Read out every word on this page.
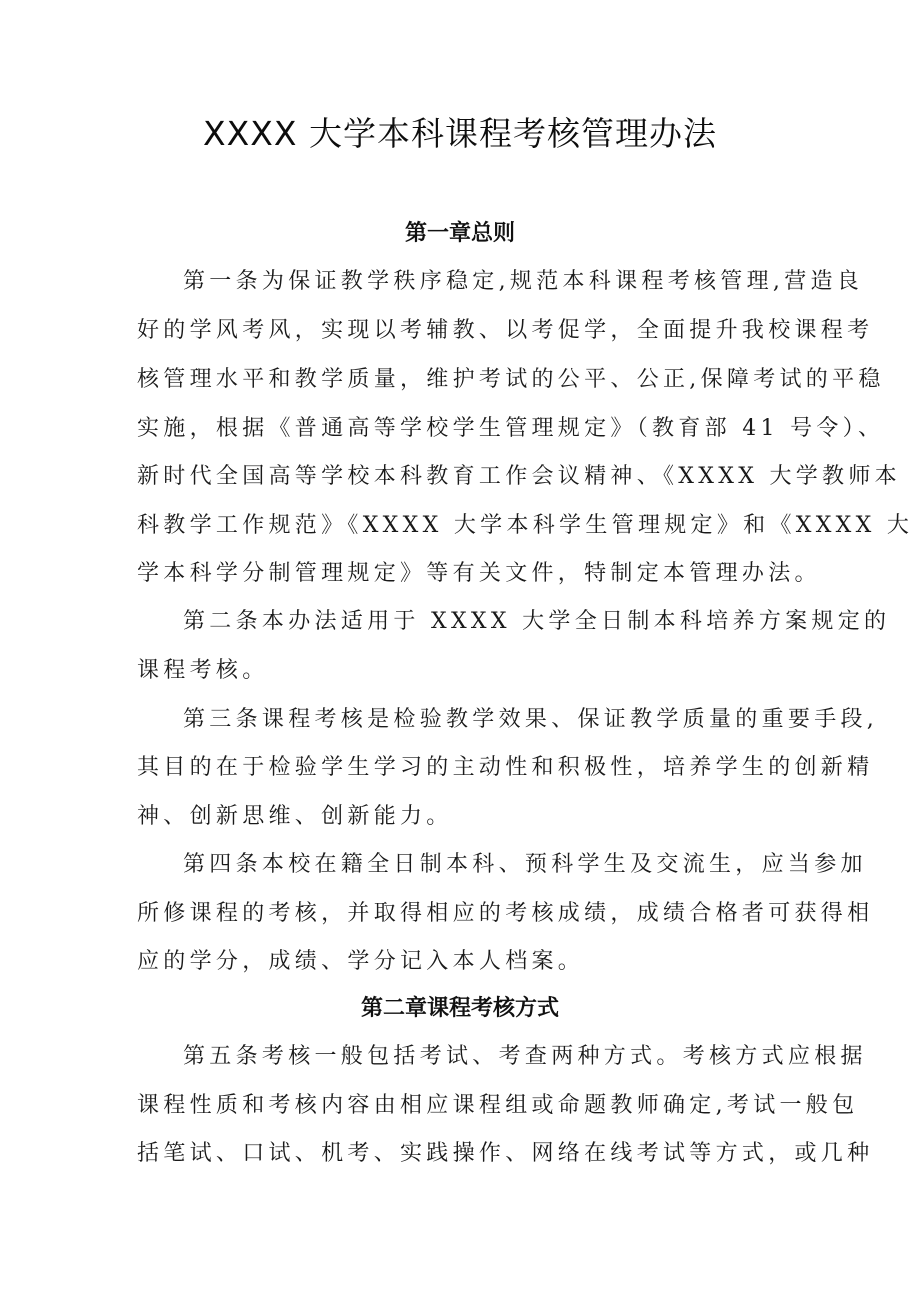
XXXX 大学本科课程考核管理办法
第一章总则
第一条为保证教学秩序稳定,规范本科课程考核管理,营造良
好的学风考风，实现以考辅教、以考促学，全面提升我校课程考
核管理水平和教学质量，维护考试的公平、公正,保障考试的平稳
实施，根据《普通高等学校学生管理规定》（教育部 41 号令）、
新时代全国高等学校本科教育工作会议精神、《XXXX 大学教师本
科教学工作规范》《XXXX 大学本科学生管理规定》和《XXXX 大
学本科学分制管理规定》等有关文件，特制定本管理办法。
第二条本办法适用于 XXXX 大学全日制本科培养方案规定的
课程考核。
第三条课程考核是检验教学效果、保证教学质量的重要手段,
其目的在于检验学生学习的主动性和积极性，培养学生的创新精
神、创新思维、创新能力。
第四条本校在籍全日制本科、预科学生及交流生，应当参加
所修课程的考核，并取得相应的考核成绩，成绩合格者可获得相
应的学分，成绩、学分记入本人档案。
第二章课程考核方式
第五条考核一般包括考试、考查两种方式。考核方式应根据
课程性质和考核内容由相应课程组或命题教师确定,考试一般包
括笔试、口试、机考、实践操作、网络在线考试等方式，或几种
